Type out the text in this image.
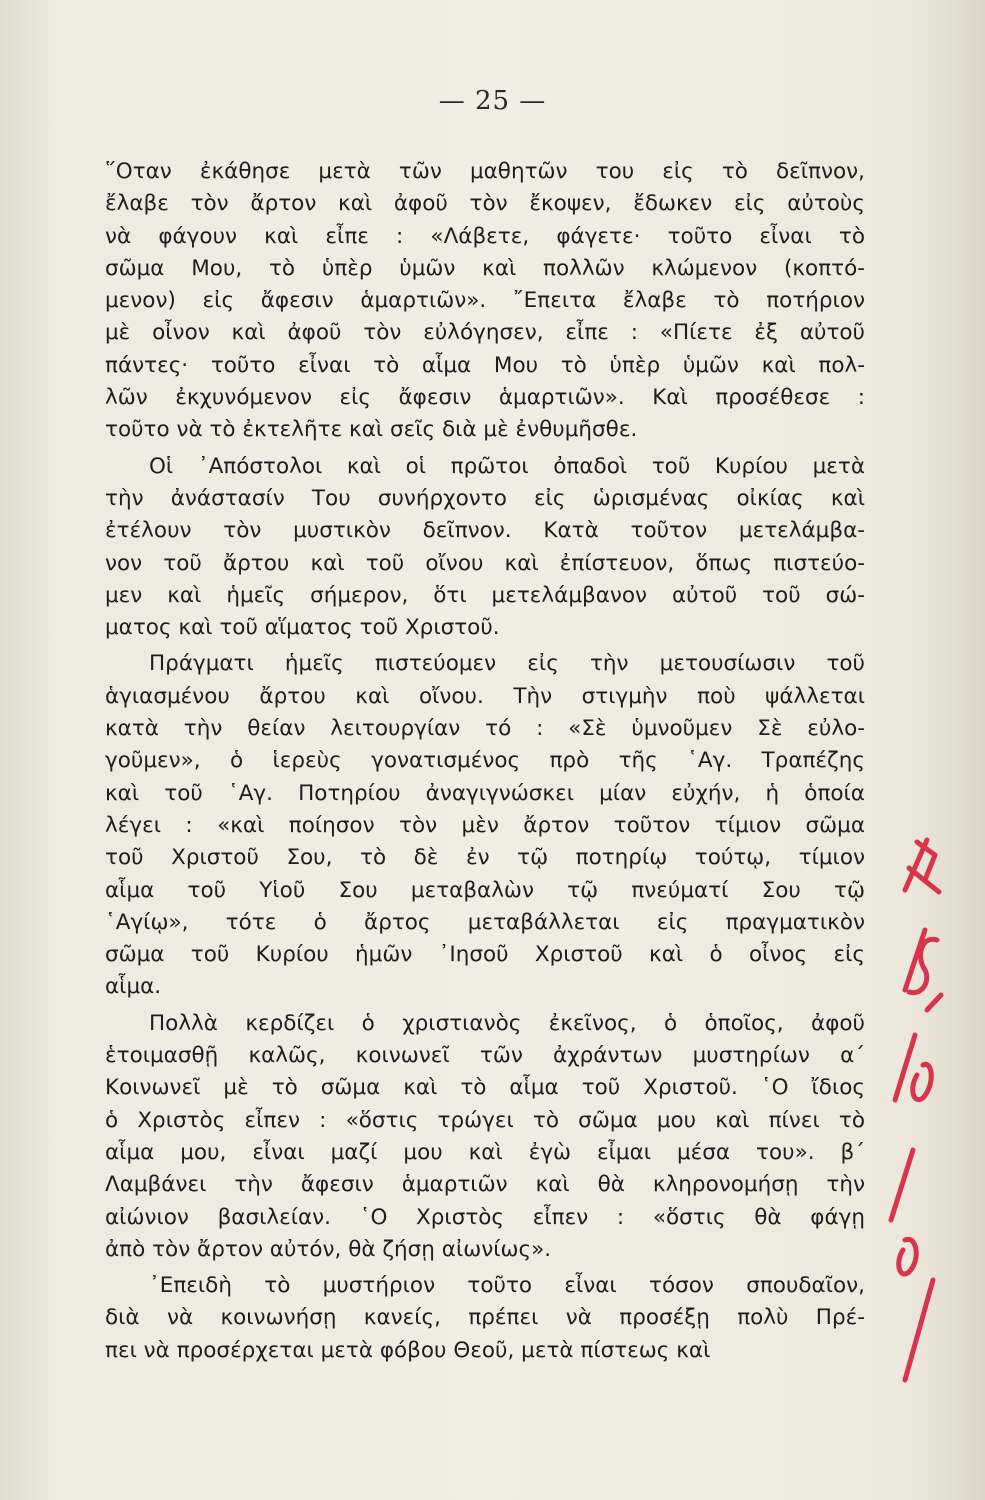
— 25 —
῞Οταν ἐκάθησε μετὰ τῶν μαθητῶν του εἰς τὸ δεῖπνον,
ἔλαβε τὸν ἄρτον καὶ ἀφοῦ τὸν ἔκοψεν, ἔδωκεν εἰς αὐτοὺς
νὰ φάγουν καὶ εἶπε : «Λάβετε, φάγετε· τοῦτο εἶναι τὸ
σῶμα Μου, τὸ ὑπὲρ ὑμῶν καὶ πολλῶν κλώμενον (κοπτό-
μενον) εἰς ἄφεσιν ἁμαρτιῶν». ῎Επειτα ἔλαβε τὸ ποτήριον
μὲ οἶνον καὶ ἀφοῦ τὸν εὐλόγησεν, εἶπε : «Πίετε ἐξ αὐτοῦ
πάντες· τοῦτο εἶναι τὸ αἷμα Μου τὸ ὑπὲρ ὑμῶν καὶ πολ-
λῶν ἐκχυνόμενον εἰς ἄφεσιν ἁμαρτιῶν». Καὶ προσέθεσε :
τοῦτο νὰ τὸ ἐκτελῆτε καὶ σεῖς διὰ μὲ ἐνθυμῆσθε.
Οἱ ᾿Απόστολοι καὶ οἱ πρῶτοι ὀπαδοὶ τοῦ Κυρίου μετὰ
τὴν ἀνάστασίν Του συνήρχοντο εἰς ὡρισμένας οἰκίας καὶ
ἐτέλουν τὸν μυστικὸν δεῖπνον. Κατὰ τοῦτον μετελάμβα-
νον τοῦ ἄρτου καὶ τοῦ οἴνου καὶ ἐπίστευον, ὅπως πιστεύο-
μεν καὶ ἡμεῖς σήμερον, ὅτι μετελάμβανον αὐτοῦ τοῦ σώ-
ματος καὶ τοῦ αἵματος τοῦ Χριστοῦ.
Πράγματι ἡμεῖς πιστεύομεν εἰς τὴν μετουσίωσιν τοῦ
ἁγιασμένου ἄρτου καὶ οἴνου. Τὴν στιγμὴν ποὺ ψάλλεται
κατὰ τὴν θείαν λειτουργίαν τό : «Σὲ ὑμνοῦμεν Σὲ εὐλο-
γοῦμεν», ὁ ἱερεὺς γονατισμένος πρὸ τῆς ῾Αγ. Τραπέζης
καὶ τοῦ ῾Αγ. Ποτηρίου ἀναγιγνώσκει μίαν εὐχήν, ἡ ὁποία
λέγει : «καὶ ποίησον τὸν μὲν ἄρτον τοῦτον τίμιον σῶμα
τοῦ Χριστοῦ Σου, τὸ δὲ ἐν τῷ ποτηρίῳ τούτῳ, τίμιον
αἷμα τοῦ Υἱοῦ Σου μεταβαλὼν τῷ πνεύματί Σου τῷ
῾Αγίῳ», τότε ὁ ἄρτος μεταβάλλεται εἰς πραγματικὸν
σῶμα τοῦ Κυρίου ἡμῶν ᾿Ιησοῦ Χριστοῦ καὶ ὁ οἶνος εἰς
αἷμα.
Πολλὰ κερδίζει ὁ χριστιανὸς ἐκεῖνος, ὁ ὁποῖος, ἀφοῦ
ἑτοιμασθῇ καλῶς, κοινωνεῖ τῶν ἀχράντων μυστηρίων α´
Κοινωνεῖ μὲ τὸ σῶμα καὶ τὸ αἷμα τοῦ Χριστοῦ. ῾Ο ἴδιος
ὁ Χριστὸς εἶπεν : «ὅστις τρώγει τὸ σῶμα μου καὶ πίνει τὸ
αἷμα μου, εἶναι μαζί μου καὶ ἐγὼ εἶμαι μέσα του». β´
Λαμβάνει τὴν ἄφεσιν ἁμαρτιῶν καὶ θὰ κληρονομήσῃ τὴν
αἰώνιον βασιλείαν. ῾Ο Χριστὸς εἶπεν : «ὅστις θὰ φάγῃ
ἀπὸ τὸν ἄρτον αὐτόν, θὰ ζήσῃ αἰωνίως».
᾿Επειδὴ τὸ μυστήριον τοῦτο εἶναι τόσον σπουδαῖον,
διὰ νὰ κοινωνήσῃ κανείς, πρέπει νὰ προσέξῃ πολὺ Πρέ-
πει νὰ προσέρχεται μετὰ φόβου Θεοῦ, μετὰ πίστεως καὶ
